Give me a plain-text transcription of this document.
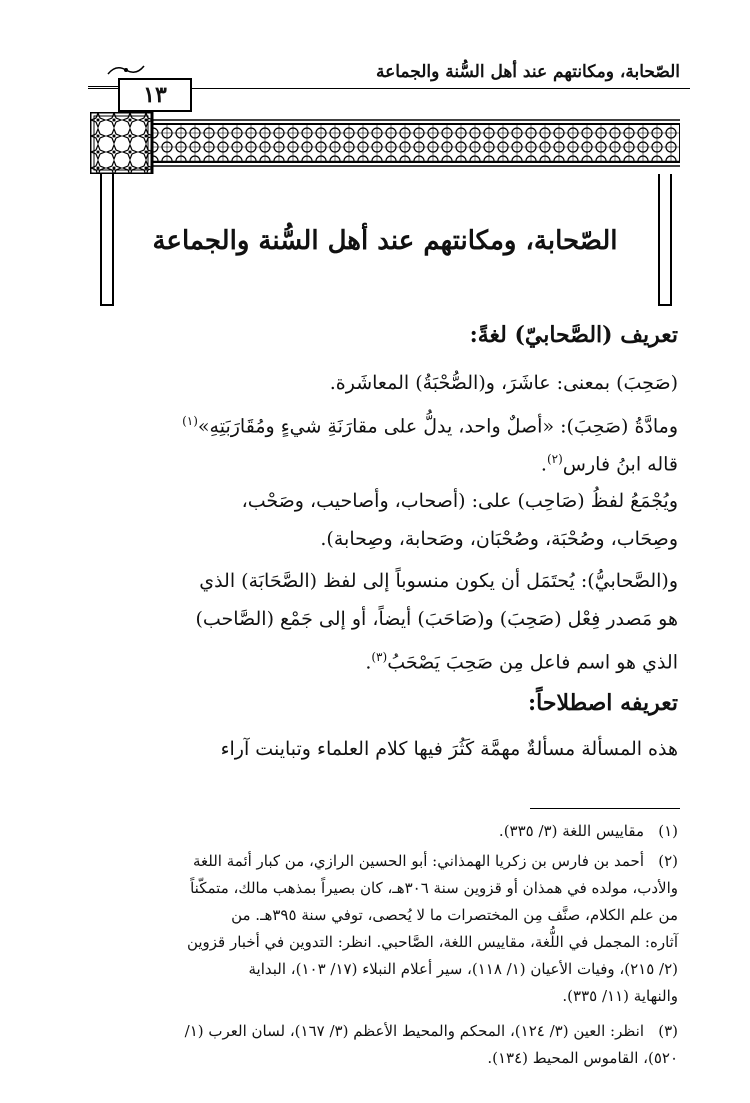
الصّحابة، ومكانتهم عند أهل السُّنة والجماعة
١٣
الصّحابة، ومكانتهم عند أهل السُّنة والجماعة
تعريف (الصَّحابيّ) لغةً:
(صَحِبَ) بمعنى: عاشَرَ، و(الصُّحْبَةُ) المعاشَرة.
ومادَّةُ (صَحِبَ): «أصلٌ واحد، يدلُّ على مقارَنَةِ شيءٍ ومُقَارَبَتِهِ»$^{(١)}$
قاله ابنُ فارس$^{(٢)}$.
ويُجْمَعُ لفظُ (صَاحِب) على: (أصحاب، وأصاحيب، وصَحْب،
وصِحَاب، وصُحْبَة، وصُحْبَان، وصَحابة، وصِحابة).
و(الصَّحابيُّ): يُحتَمَل أن يكون منسوباً إلى لفظ (الصَّحَابَة) الذي
هو مَصدر فِعْل (صَحِبَ) و(صَاحَبَ) أيضاً، أو إلى جَمْع (الصَّاحب)
الذي هو اسم فاعل مِن صَحِبَ يَصْحَبُ$^{(٣)}$.
تعريفه اصطلاحاً:
هذه المسألة مسألةٌ مهمَّة كَثُرَ فيها كلام العلماء وتباينت آراء
(١)مقاييس اللغة (٣/ ٣٣٥).
(٢)أحمد بن فارس بن زكريا الهمذاني: أبو الحسين الرازي، من كبار أئمة اللغة
والأدب، مولده في همذان أو قزوين سنة ٣٠٦هـ، كان بصيراً بمذهب مالك، متمكّناً
من علم الكلام، صنَّف مِن المختصرات ما لا يُحصى، توفي سنة ٣٩٥هـ. من
آثاره: المجمل في اللُّغة، مقاييس اللغة، الصَّاحبي. انظر: التدوين في أخبار قزوين
(٢/ ٢١٥)، وفيات الأعيان (١/ ١١٨)، سير أعلام النبلاء (١٧/ ١٠٣)، البداية
والنهاية (١١/ ٣٣٥).
(٣)انظر: العين (٣/ ١٢٤)، المحكم والمحيط الأعظم (٣/ ١٦٧)، لسان العرب (١/
٥٢٠)، القاموس المحيط (١٣٤).
